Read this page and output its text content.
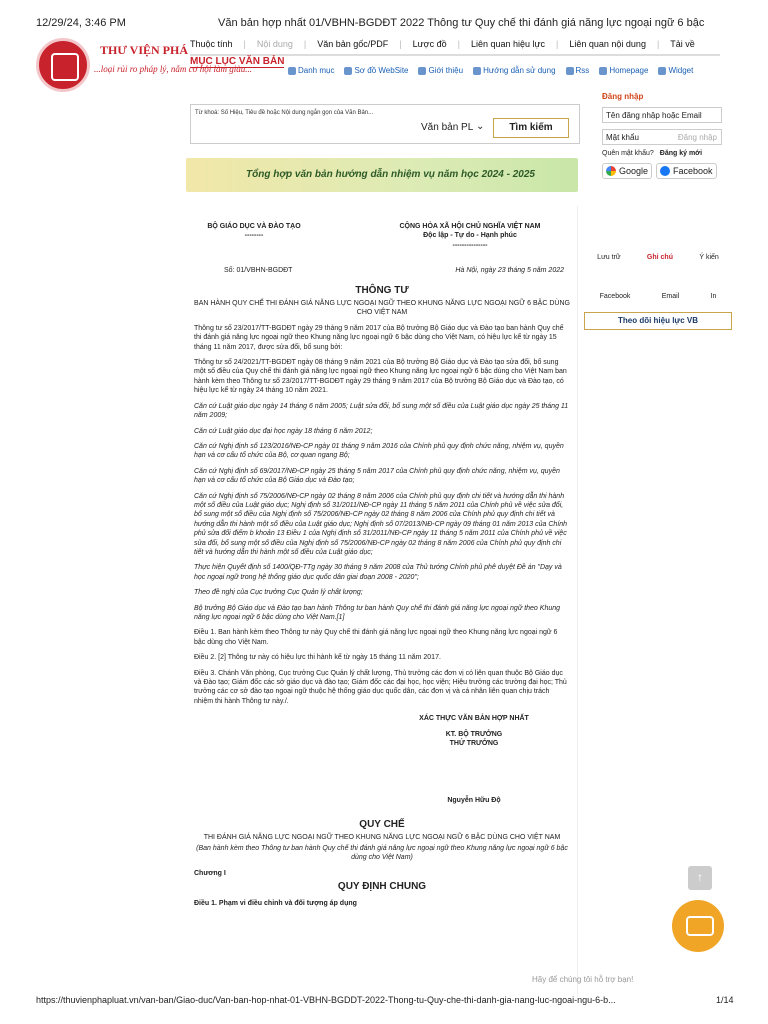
12/29/24, 3:46 PM	Văn bản hợp nhất 01/VBHN-BGDĐT 2022 Thông tư Quy chế thi đánh giá năng lực ngoại ngữ 6 bậc
THƯ VIỆN PHÁ
...loại rủi ro pháp lý, nắm cơ hội làm giàu...
Thuộc tính | Nội dung | Văn bản gốc/PDF | Lược đồ | Liên quan hiệu lực | Liên quan nội dung | Tải về
MỤC LỤC VĂN BẢN
Danh mục	Sơ đồ WebSite	Giới thiệu	Hướng dẫn sử dụng	Rss	Homepage	Widget
Từ khoá: Số Hiệu, Tiêu đề hoặc Nội dung ngắn gọn của Văn Bản...
Văn bản PL ⌄	Tìm kiếm
Đăng nhập
Tên đăng nhập hoặc Email
Mật khẩu	Đăng nhập
Quên mật khẩu? Đăng ký mới
Google	Facebook
Tổng hợp văn bản hướng dẫn nhiệm vụ năm học 2024 - 2025
BỘ GIÁO DỤC VÀ ĐÀO TẠO
--------
CỘNG HÒA XÃ HỘI CHỦ NGHĨA VIỆT NAM
Độc lập - Tự do - Hạnh phúc
---------------
Số: 01/VBHN-BGDĐT	Hà Nội, ngày 23 tháng 5 năm 2022
THÔNG TƯ
BAN HÀNH QUY CHẾ THI ĐÁNH GIÁ NĂNG LỰC NGOẠI NGỮ THEO KHUNG NĂNG LỰC NGOẠI NGỮ 6 BẬC DÙNG CHO VIỆT NAM

Thông tư số 23/2017/TT-BGDĐT ngày 29 tháng 9 năm 2017 của Bộ trưởng Bộ Giáo dục và Đào tạo ban hành Quy chế thi đánh giá năng lực ngoại ngữ theo Khung năng lực ngoại ngữ 6 bậc dùng cho Việt Nam, có hiệu lực kể từ ngày 15 tháng 11 năm 2017, được sửa đổi, bổ sung bởi:

Thông tư số 24/2021/TT-BGDĐT ngày 08 tháng 9 năm 2021 của Bộ trưởng Bộ Giáo dục và Đào tạo sửa đổi, bổ sung một số điều của Quy chế thi đánh giá năng lực ngoại ngữ theo Khung năng lực ngoại ngữ 6 bậc dùng cho Việt Nam ban hành kèm theo Thông tư số 23/2017/TT-BGDĐT ngày 29 tháng 9 năm 2017 của Bộ trưởng Bộ Giáo dục và Đào tạo, có hiệu lực kể từ ngày 24 tháng 10 năm 2021.

Căn cứ Luật giáo dục ngày 14 tháng 6 năm 2005; Luật sửa đổi, bổ sung một số điều của Luật giáo dục ngày 25 tháng 11 năm 2009;

Căn cứ Luật giáo dục đại học ngày 18 tháng 6 năm 2012;

Căn cứ Nghị định số 123/2016/NĐ-CP ngày 01 tháng 9 năm 2016 của Chính phủ quy định chức năng, nhiệm vụ, quyền hạn và cơ cấu tổ chức của Bộ, cơ quan ngang Bộ;

Căn cứ Nghị định số 69/2017/NĐ-CP ngày 25 tháng 5 năm 2017 của Chính phủ quy định chức năng, nhiệm vụ, quyền hạn và cơ cấu tổ chức của Bộ Giáo dục và Đào tạo;

Căn cứ Nghị định số 75/2006/NĐ-CP ngày 02 tháng 8 năm 2006 của Chính phủ quy định chi tiết và hướng dẫn thi hành một số điều của Luật giáo dục; Nghị định số 31/2011/NĐ-CP ngày 11 tháng 5 năm 2011 của Chính phủ về việc sửa đổi, bổ sung một số điều của Nghị định số 75/2006/NĐ-CP ngày 02 tháng 8 năm 2006 của Chính phủ quy định chi tiết và hướng dẫn thi hành một số điều của Luật giáo dục; Nghị định số 07/2013/NĐ-CP ngày 09 tháng 01 năm 2013 của Chính phủ sửa đổi điểm b khoản 13 Điều 1 của Nghị định số 31/2011/NĐ-CP ngày 11 tháng 5 năm 2011 của Chính phủ về việc sửa đổi, bổ sung một số điều của Nghị định số 75/2006/NĐ-CP ngày 02 tháng 8 năm 2006 của Chính phủ quy định chi tiết và hướng dẫn thi hành một số điều của Luật giáo dục;

Thực hiện Quyết định số 1400/QĐ-TTg ngày 30 tháng 9 năm 2008 của Thủ tướng Chính phủ phê duyệt Đề án "Dạy và học ngoại ngữ trong hệ thống giáo dục quốc dân giai đoạn 2008 - 2020";

Theo đề nghị của Cục trưởng Cục Quản lý chất lượng;

Bộ trưởng Bộ Giáo dục và Đào tạo ban hành Thông tư ban hành Quy chế thi đánh giá năng lực ngoại ngữ theo Khung năng lực ngoại ngữ 6 bậc dùng cho Việt Nam.[1]

Điều 1. Ban hành kèm theo Thông tư này Quy chế thi đánh giá năng lực ngoại ngữ theo Khung năng lực ngoại ngữ 6 bậc dùng cho Việt Nam.

Điều 2. [2] Thông tư này có hiệu lực thi hành kể từ ngày 15 tháng 11 năm 2017.

Điều 3. Chánh Văn phòng, Cục trưởng Cục Quản lý chất lượng, Thủ trưởng các đơn vị có liên quan thuộc Bộ Giáo dục và Đào tạo; Giám đốc các sở giáo dục và đào tạo; Giám đốc các đại học, học viện; Hiệu trưởng các trường đại học; Thủ trưởng các cơ sở đào tạo ngoại ngữ thuộc hệ thống giáo dục quốc dân, các đơn vị và cá nhân liên quan chịu trách nhiệm thi hành Thông tư này./.

XÁC THỰC VĂN BẢN HỢP NHẤT
KT. BỘ TRƯỞNG
THỨ TRƯỞNG
Nguyễn Hữu Độ
QUY CHẾ
THI ĐÁNH GIÁ NĂNG LỰC NGOẠI NGỮ THEO KHUNG NĂNG LỰC NGOẠI NGỮ 6 BẬC DÙNG CHO VIỆT NAM
(Ban hành kèm theo Thông tư ban hành Quy chế thi đánh giá năng lực ngoại ngữ theo Khung năng lực ngoại ngữ 6 bậc dùng cho Việt Nam)

Chương I

QUY ĐỊNH CHUNG

Điều 1. Phạm vi điều chỉnh và đối tượng áp dụng

Lưu trữ	Ghi chú	Ý kiến
Facebook	Email	In
Theo dõi hiệu lực VB
↑
Hãy để chúng tôi hỗ trợ bạn!
https://thuvienphapluat.vn/van-ban/Giao-duc/Van-ban-hop-nhat-01-VBHN-BGDDT-2022-Thong-tu-Quy-che-thi-danh-gia-nang-luc-ngoai-ngu-6-b...	1/14
